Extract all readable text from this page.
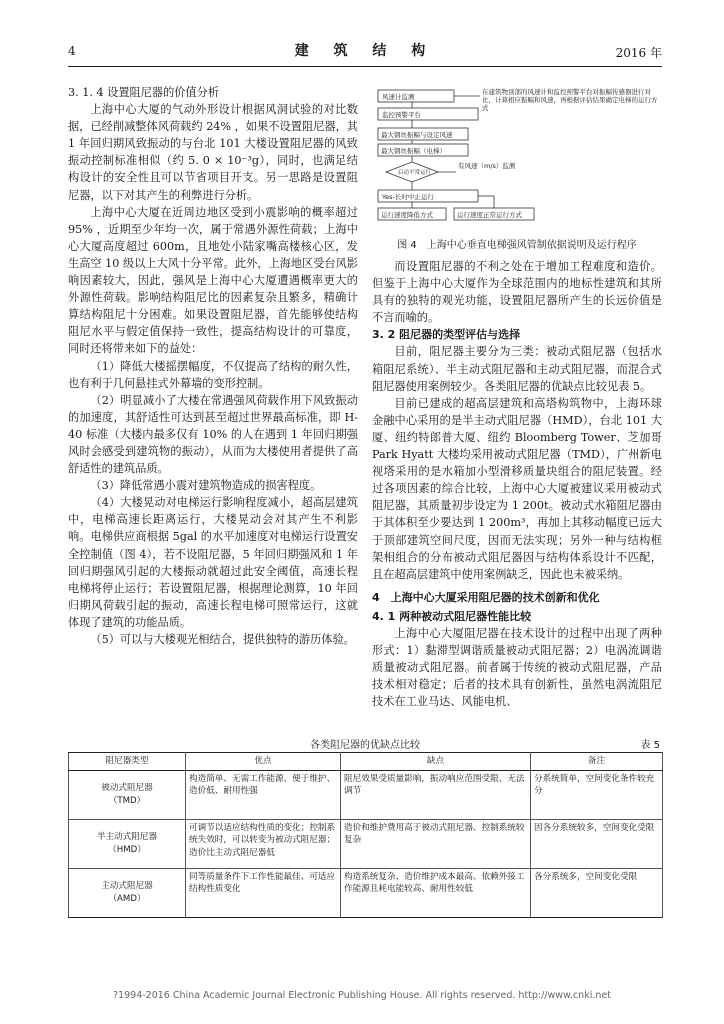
4	建 筑 结 构	2016 年

3. 1. 4 设置阻尼器的价值分析

上海中心大厦的气动外形设计根据风洞试验的对比数据，已经削减整体风荷载约 24% ，如果不设置阻尼器，其 1 年回归期风致振动的与台北 101 大楼设置阻尼器的风致振动控制标准相似（约 5. 0 × 10⁻³g），同时，也满足结构设计的安全性且可以节省项目开支。另一思路是设置阻尼器，以下对其产生的利弊进行分析。

上海中心大厦在近周边地区受到小震影响的概率超过 95% ，近期至少年均一次，属于常遇外源性荷载；上海中心大厦高度超过 600m，且地处小陆家嘴高楼核心区，发生高空 10 级以上大风十分平常。此外，上海地区受台风影响因素较大，因此，强风是上海中心大厦遭遇概率更大的外源性荷载。影响结构阻尼比的因素复杂且繁多，精确计算结构阻尼十分困难。如果设置阻尼器，首先能够使结构阻尼水平与假定值保持一致性，提高结构设计的可靠度，同时还将带来如下的益处：

（1）降低大楼摇摆幅度，不仅提高了结构的耐久性，也有利于几何悬挂式外幕墙的变形控制。

（2）明显减小了大楼在常遇强风荷载作用下风致振动的加速度，其舒适性可达到甚至超过世界最高标准，即 H-40 标准（大楼内最多仅有 10% 的人在遇到 1 年回归期强风时会感受到建筑物的振动），从而为大楼使用者提供了高舒适性的建筑品质。

（3）降低常遇小震对建筑物造成的损害程度。

（4）大楼晃动对电梯运行影响程度减小，超高层建筑中，电梯高速长距离运行，大楼晃动会对其产生不利影响。电梯供应商根据 5gal 的水平加速度对电梯运行设置安全控制值（图 4），若不设阻尼器，5 年回归期强风和 1 年回归期强风引起的大楼振动就超过此安全阈值，高速长程电梯将停止运行；若设置阻尼器，根据理论测算，10 年回归期风荷载引起的振动，高速长程电梯可照常运行，这就体现了建筑的功能品质。

（5）可以与大楼观光相结合，提供独特的游历体验。

风速计监测
监控预警平台
最大钢丝振幅与设定风速
最大钢丝振幅（电梯）
启动平常运行
有风速（m/s）监测
Yes-长时中止运行
运行速度降低方式	运行速度正常运行方式
在建筑物顶部的风速计和监控预警平台对振幅传感器进行对比，计算相应振幅和风速，再根据评估结果确定电梯的运行方式
图 4　上海中心垂直电梯强风管制依据说明及运行程序

而设置阻尼器的不利之处在于增加工程难度和造价。但鉴于上海中心大厦作为全球范围内的地标性建筑和其所具有的独特的观光功能，设置阻尼器所产生的长远价值是不言而喻的。

3. 2 阻尼器的类型评估与选择

目前，阻尼器主要分为三类：被动式阻尼器（包括水箱阻尼系统）、半主动式阻尼器和主动式阻尼器，而混合式阻尼器使用案例较少。各类阻尼器的优缺点比较见表 5。

目前已建成的超高层建筑和高塔构筑物中，上海环球金融中心采用的是半主动式阻尼器（HMD），台北 101 大厦、纽约特郎普大厦、纽约 Bloomberg Tower、芝加哥 Park Hyatt 大楼均采用被动式阻尼器（TMD），广州新电视塔采用的是水箱加小型滑移质量块组合的阻尼装置。经过各项因素的综合比较，上海中心大厦被建议采用被动式阻尼器，其质量初步设定为 1 200t。被动式水箱阻尼器由于其体积至少要达到 1 200m³，再加上其移动幅度已远大于顶部建筑空间尺度，因而无法实现；另外一种与结构框架相组合的分布被动式阻尼器因与结构体系设计不匹配，且在超高层建筑中使用案例缺乏，因此也未被采纳。

4　上海中心大厦采用阻尼器的技术创新和优化

4. 1 两种被动式阻尼器性能比较

上海中心大厦阻尼器在技术设计的过程中出现了两种形式：1）黏滞型调谐质量被动式阻尼器；2）电涡流调谐质量被动式阻尼器。前者属于传统的被动式阻尼器，产品技术相对稳定；后者的技术具有创新性，虽然电涡流阻尼技术在工业马达、风能电机、

各类阻尼器的优缺点比较	表 5
阻尼器类型	优点	缺点	备注
被动式阻尼器
（TMD）	构造简单、无需工作能源、便于维护、造价低、耐用性强	阻尼效果受质量影响，振动响应范围受限、无法调节	分系统简单，空间变化条件较充分
半主动式阻尼器
（HMD）	可调节以适应结构性质的变化；控制系统失效时，可以转变为被动式阻尼器；造价比主动式阻尼器低	造价和维护费用高于被动式阻尼器、控制系统较复杂	因各分系统较多，空间变化受限
主动式阻尼器
（AMD）	同等质量条件下工作性能最佳、可适应结构性质变化	构造系统复杂、造价维护成本最高、依赖外接工作能源且耗电能较高、耐用性较低	各分系统多，空间变化受限
?1994-2016 China Academic Journal Electronic Publishing House. All rights reserved. http://www.cnki.net
